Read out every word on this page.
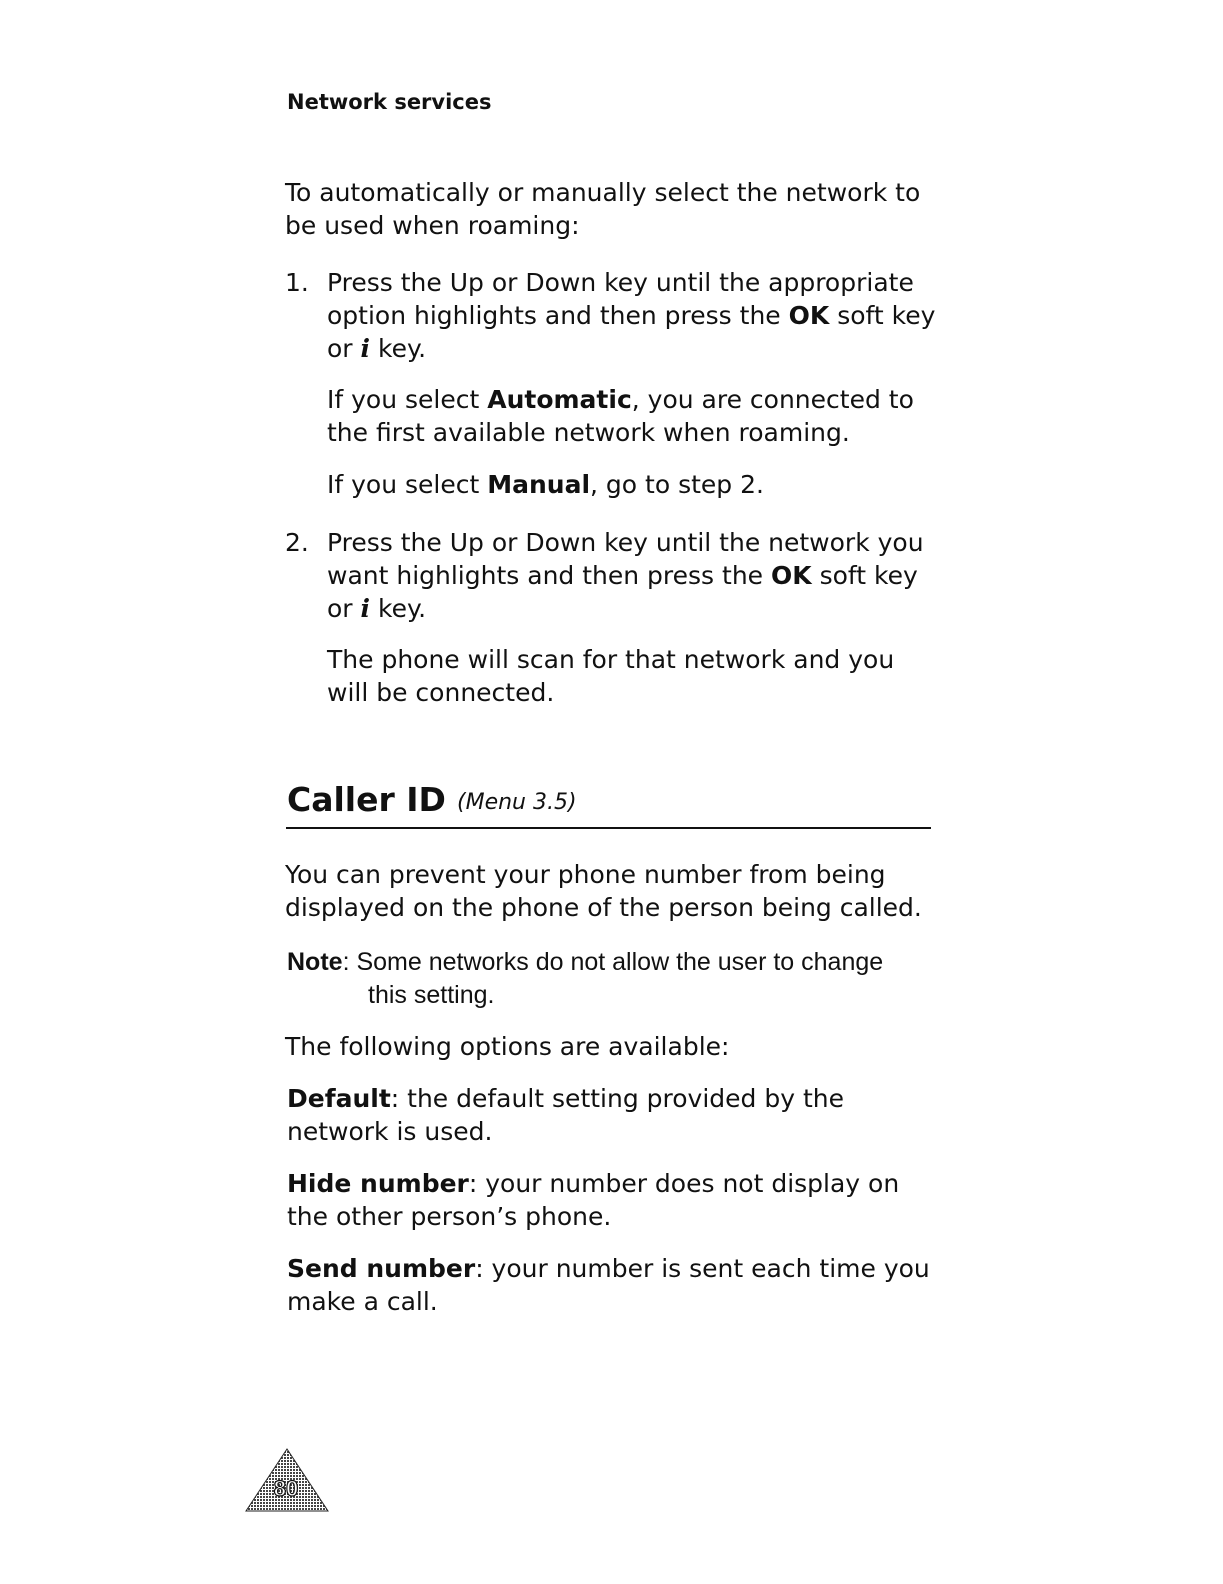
Network services
To automatically or manually select the network to be used when roaming:
1. Press the Up or Down key until the appropriate option highlights and then press the OK soft key or i key.
If you select Automatic, you are connected to the first available network when roaming.
If you select Manual, go to step 2.
2. Press the Up or Down key until the network you want highlights and then press the OK soft key or i key.
The phone will scan for that network and you will be connected.
Caller ID (Menu 3.5)
You can prevent your phone number from being displayed on the phone of the person being called.
Note: Some networks do not allow the user to change
this setting.
The following options are available:
Default: the default setting provided by the network is used.
Hide number: your number does not display on the other person’s phone.
Send number: your number is sent each time you make a call.
80
